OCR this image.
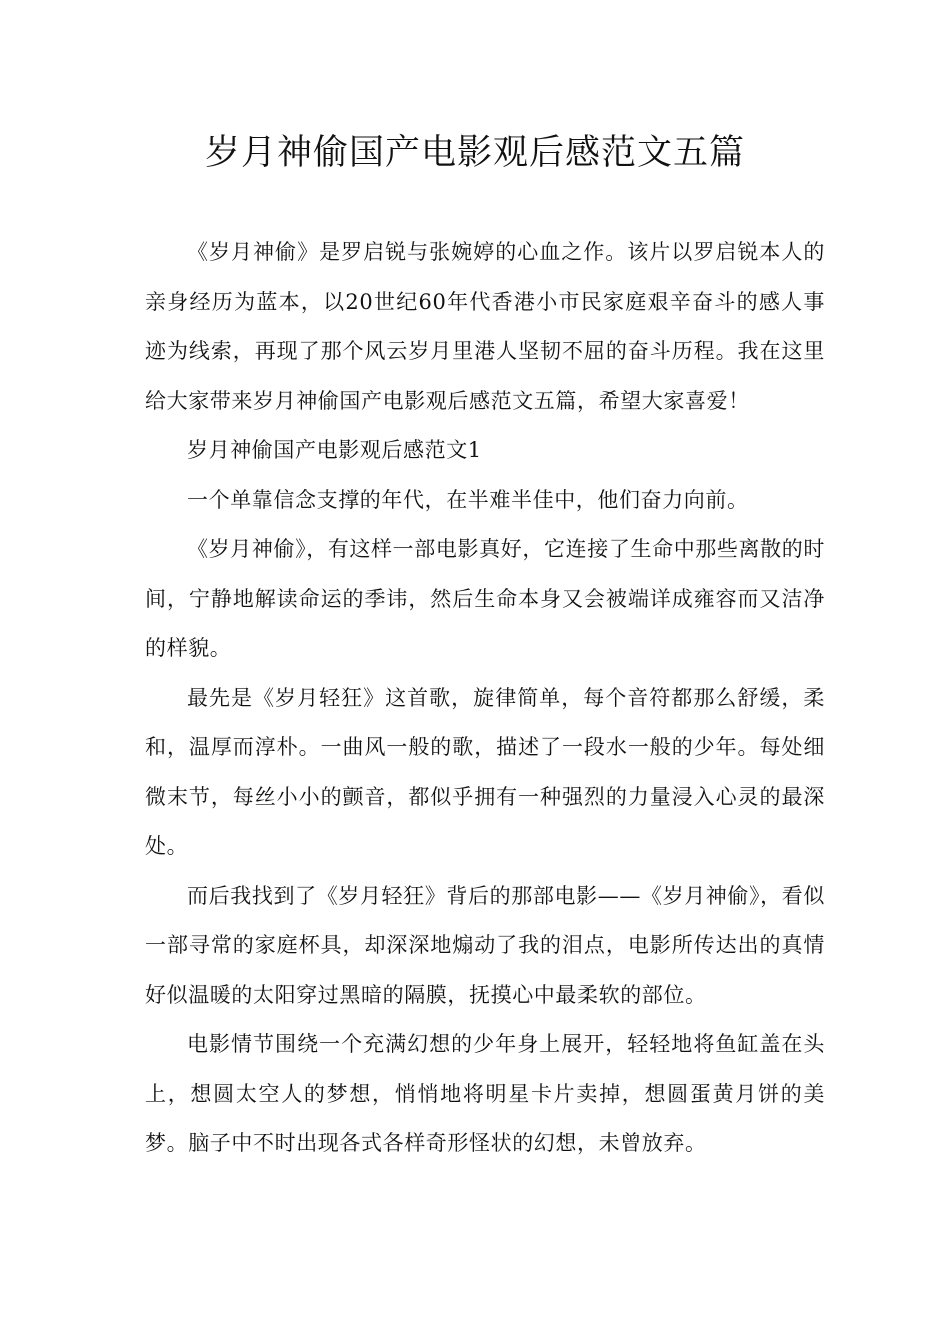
岁月神偷国产电影观后感范文五篇

《岁月神偷》是罗启锐与张婉婷的心血之作。该片以罗启锐本人的亲身经历为蓝本，以20世纪60年代香港小市民家庭艰辛奋斗的感人事迹为线索，再现了那个风云岁月里港人坚韧不屈的奋斗历程。我在这里给大家带来岁月神偷国产电影观后感范文五篇，希望大家喜爱！

岁月神偷国产电影观后感范文1

一个单靠信念支撑的年代，在半难半佳中，他们奋力向前。

《岁月神偷》，有这样一部电影真好，它连接了生命中那些离散的时间，宁静地解读命运的季讳，然后生命本身又会被端详成雍容而又洁净的样貌。

最先是《岁月轻狂》这首歌，旋律简单，每个音符都那么舒缓，柔和，温厚而淳朴。一曲风一般的歌，描述了一段水一般的少年。每处细微末节，每丝小小的颤音，都似乎拥有一种强烈的力量浸入心灵的最深处。

而后我找到了《岁月轻狂》背后的那部电影——《岁月神偷》，看似一部寻常的家庭杯具，却深深地煽动了我的泪点，电影所传达出的真情好似温暖的太阳穿过黑暗的隔膜，抚摸心中最柔软的部位。

电影情节围绕一个充满幻想的少年身上展开，轻轻地将鱼缸盖在头上，想圆太空人的梦想，悄悄地将明星卡片卖掉，想圆蛋黄月饼的美梦。脑子中不时出现各式各样奇形怪状的幻想，未曾放弃。
